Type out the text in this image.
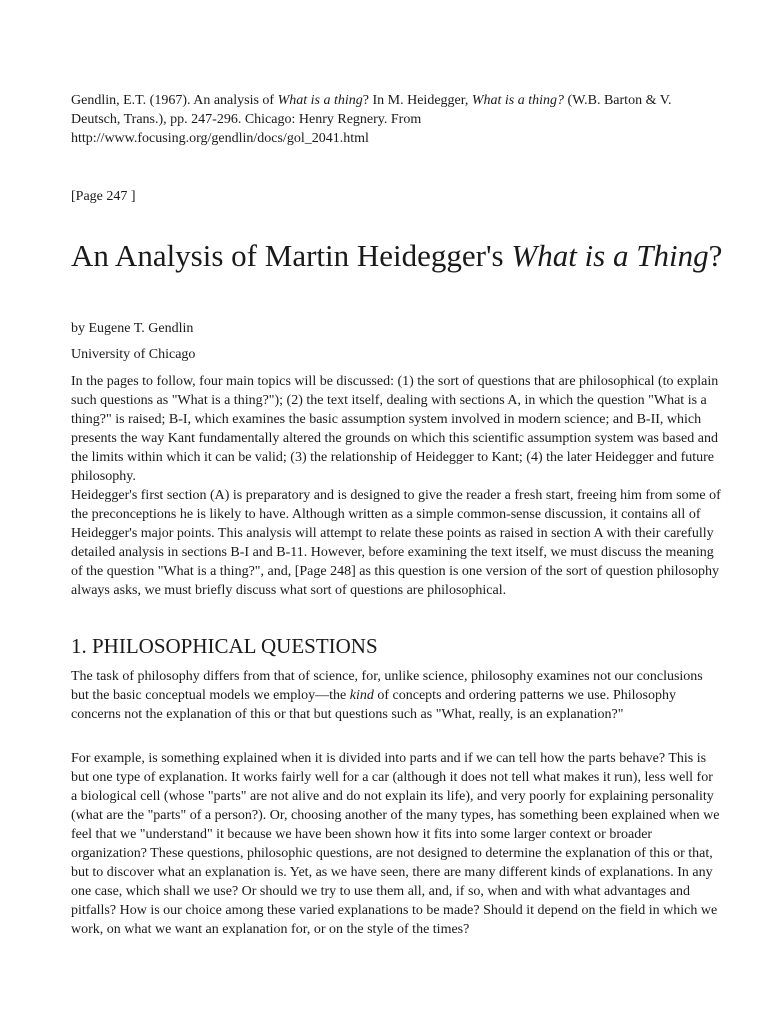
Gendlin, E.T. (1967). An analysis of What is a thing? In M. Heidegger, What is a thing? (W.B. Barton & V. Deutsch, Trans.), pp. 247-296. Chicago: Henry Regnery. From http://www.focusing.org/gendlin/docs/gol_2041.html

[Page 247 ]

An Analysis of Martin Heidegger's What is a Thing?

by Eugene T. Gendlin

University of Chicago

In the pages to follow, four main topics will be discussed: (1) the sort of questions that are philosophical (to explain such questions as "What is a thing?"); (2) the text itself, dealing with sections A, in which the question "What is a thing?" is raised; B-I, which examines the basic assumption system involved in modern science; and B-II, which presents the way Kant fundamentally altered the grounds on which this scientific assumption system was based and the limits within which it can be valid; (3) the relationship of Heidegger to Kant; (4) the later Heidegger and future philosophy.

Heidegger's first section (A) is preparatory and is designed to give the reader a fresh start, freeing him from some of the preconceptions he is likely to have. Although written as a simple common-sense discussion, it contains all of Heidegger's major points. This analysis will attempt to relate these points as raised in section A with their carefully detailed analysis in sections B-I and B-11. However, before examining the text itself, we must discuss the meaning of the question "What is a thing?", and, [Page 248] as this question is one version of the sort of question philosophy always asks, we must briefly discuss what sort of questions are philosophical.

1. PHILOSOPHICAL QUESTIONS

The task of philosophy differs from that of science, for, unlike science, philosophy examines not our conclusions but the basic conceptual models we employ—the kind of concepts and ordering patterns we use. Philosophy concerns not the explanation of this or that but questions such as "What, really, is an explanation?"

For example, is something explained when it is divided into parts and if we can tell how the parts behave? This is but one type of explanation. It works fairly well for a car (although it does not tell what makes it run), less well for a biological cell (whose "parts" are not alive and do not explain its life), and very poorly for explaining personality (what are the "parts" of a person?). Or, choosing another of the many types, has something been explained when we feel that we "understand" it because we have been shown how it fits into some larger context or broader organization? These questions, philosophic questions, are not designed to determine the explanation of this or that, but to discover what an explanation is. Yet, as we have seen, there are many different kinds of explanations. In any one case, which shall we use? Or should we try to use them all, and, if so, when and with what advantages and pitfalls? How is our choice among these varied explanations to be made? Should it depend on the field in which we work, on what we want an explanation for, or on the style of the times?
